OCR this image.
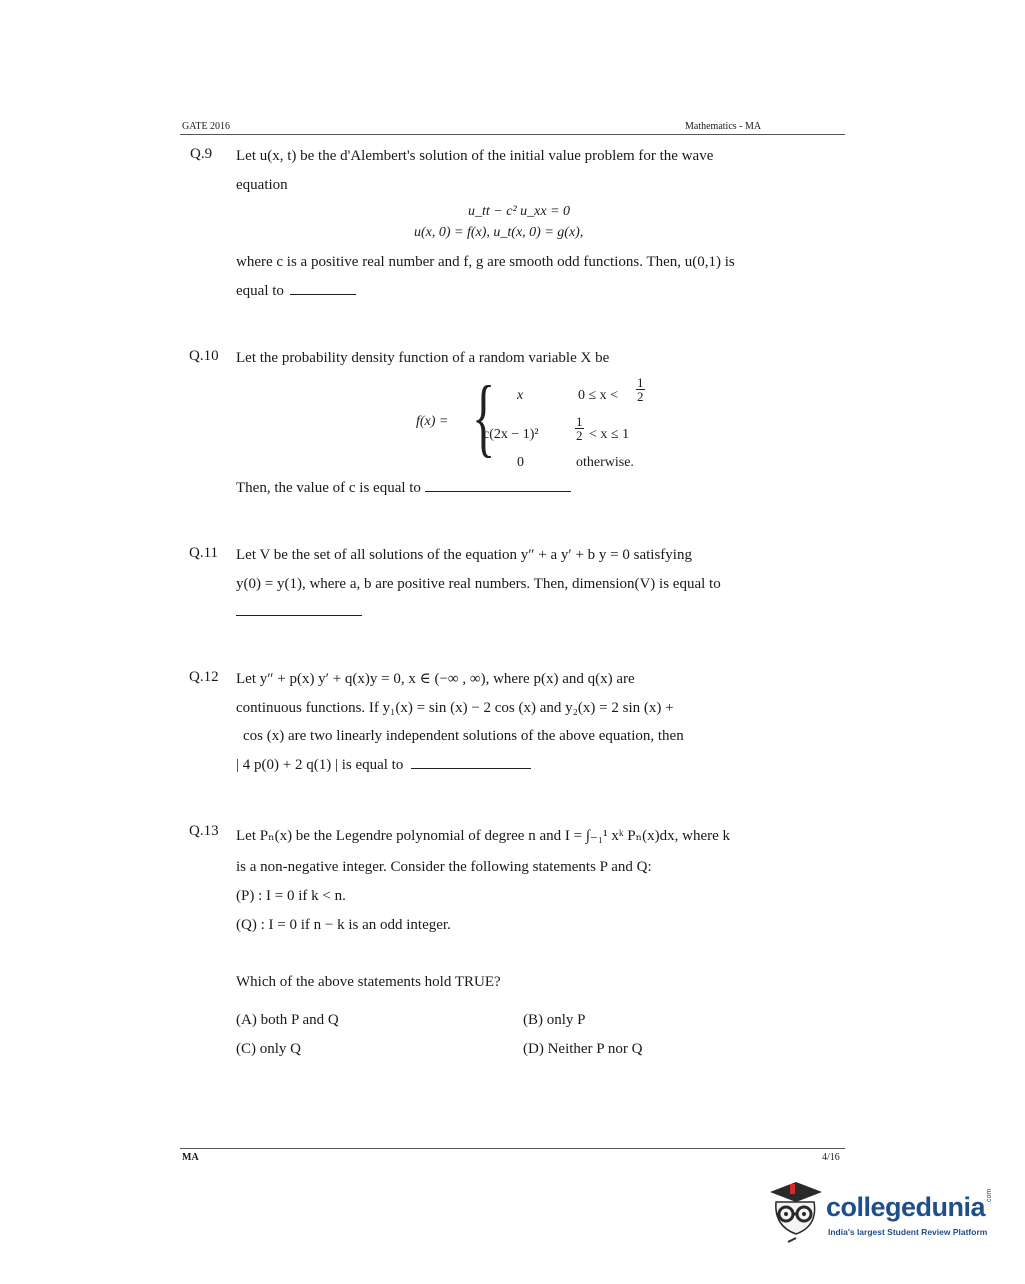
GATE 2016	Mathematics - MA
Q.9 Let u(x, t) be the d'Alembert's solution of the initial value problem for the wave
equation
u_tt − c² u_xx = 0
u(x, 0) = f(x), u_t(x, 0) = g(x),
where c is a positive real number and f, g are smooth odd functions. Then, u(0,1) is
equal to
Q.10 Let the probability density function of a random variable X be
f(x) = { x	$0 \le x < \frac{1}{2}$
c(2x − 1)²	$\frac{1}{2} < x \le 1$
0	otherwise.
Then, the value of c is equal to
Q.11 Let V be the set of all solutions of the equation y″ + a y′ + b y = 0 satisfying
y(0) = y(1), where a, b are positive real numbers. Then, dimension(V) is equal to
Q.12 Let y″ + p(x) y′ + q(x)y = 0, x ∈ (−∞ , ∞), where p(x) and q(x) are
continuous functions. If y₁(x) = sin (x) − 2 cos (x) and y₂(x) = 2 sin (x) +
cos (x) are two linearly independent solutions of the above equation, then
| 4 p(0) + 2 q(1) | is equal to
Q.13 Let Pₙ(x) be the Legendre polynomial of degree n and I = ∫₋₁¹ xᵏ Pₙ(x)dx, where k
is a non-negative integer. Consider the following statements P and Q:
(P) : I = 0 if k < n.
(Q) : I = 0 if n − k is an odd integer.
Which of the above statements hold TRUE?
(A) both P and Q	(B) only P
(C) only Q	(D) Neither P nor Q
MA	4/16
collegedunia .com
India's largest Student Review Platform
